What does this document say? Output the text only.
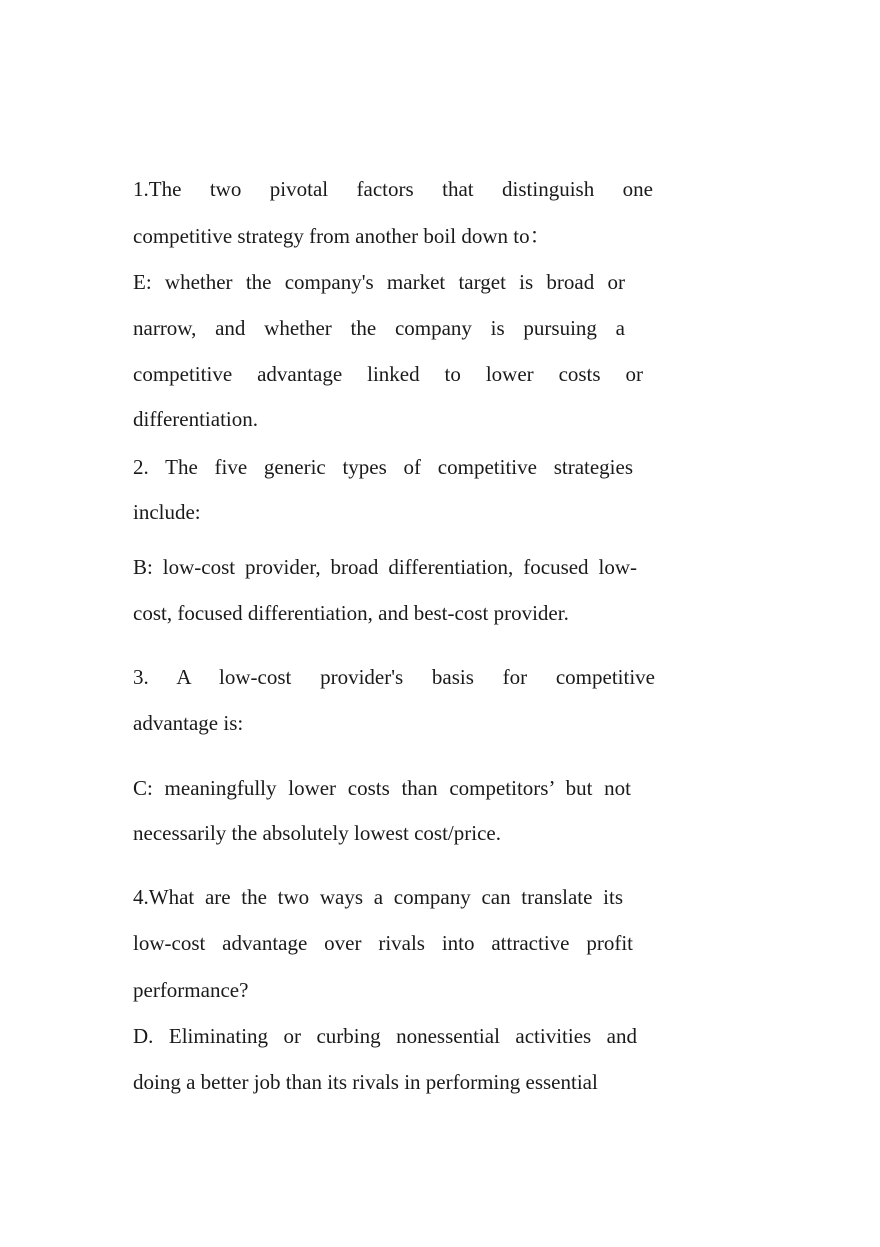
1.The two pivotal factors that distinguish one
competitive strategy from another boil down to：
E: whether the company's market target is broad or
narrow, and whether the company is pursuing a
competitive advantage linked to lower costs or
differentiation.
2. The five generic types of competitive strategies
include:
B: low-cost provider, broad differentiation, focused low-
cost, focused differentiation, and best-cost provider.
3. A low-cost provider's basis for competitive
advantage is:
C: meaningfully lower costs than competitors’ but not
necessarily the absolutely lowest cost/price.
4.What are the two ways a company can translate its
low-cost advantage over rivals into attractive profit
performance?
D. Eliminating or curbing nonessential activities and
doing a better job than its rivals in performing essential
